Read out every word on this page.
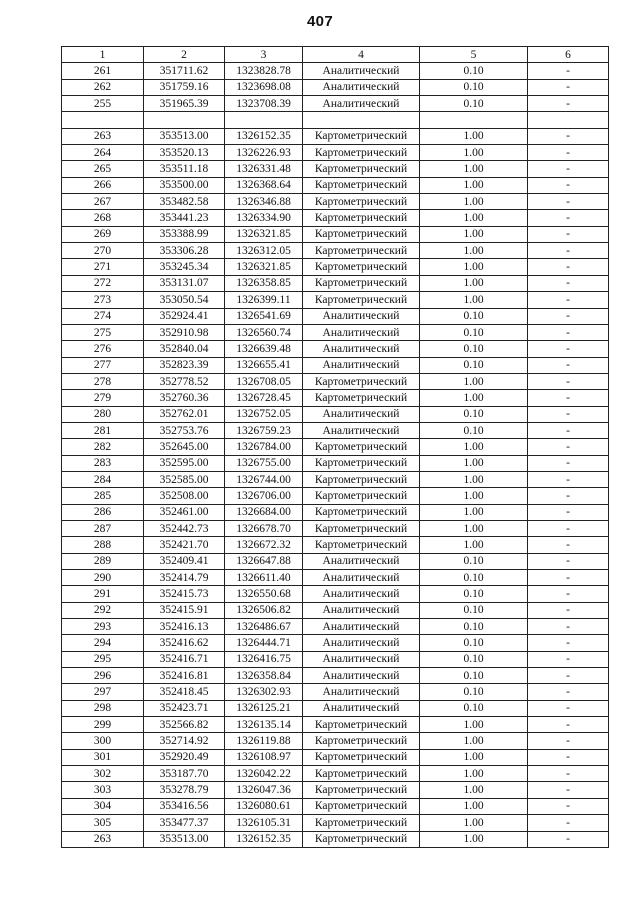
407
1	2	3	4	5	6
261	351711.62	1323828.78	Аналитический	0.10	-
262	351759.16	1323698.08	Аналитический	0.10	-
255	351965.39	1323708.39	Аналитический	0.10	-

263	353513.00	1326152.35	Картометрический	1.00	-
264	353520.13	1326226.93	Картометрический	1.00	-
265	353511.18	1326331.48	Картометрический	1.00	-
266	353500.00	1326368.64	Картометрический	1.00	-
267	353482.58	1326346.88	Картометрический	1.00	-
268	353441.23	1326334.90	Картометрический	1.00	-
269	353388.99	1326321.85	Картометрический	1.00	-
270	353306.28	1326312.05	Картометрический	1.00	-
271	353245.34	1326321.85	Картометрический	1.00	-
272	353131.07	1326358.85	Картометрический	1.00	-
273	353050.54	1326399.11	Картометрический	1.00	-
274	352924.41	1326541.69	Аналитический	0.10	-
275	352910.98	1326560.74	Аналитический	0.10	-
276	352840.04	1326639.48	Аналитический	0.10	-
277	352823.39	1326655.41	Аналитический	0.10	-
278	352778.52	1326708.05	Картометрический	1.00	-
279	352760.36	1326728.45	Картометрический	1.00	-
280	352762.01	1326752.05	Аналитический	0.10	-
281	352753.76	1326759.23	Аналитический	0.10	-
282	352645.00	1326784.00	Картометрический	1.00	-
283	352595.00	1326755.00	Картометрический	1.00	-
284	352585.00	1326744.00	Картометрический	1.00	-
285	352508.00	1326706.00	Картометрический	1.00	-
286	352461.00	1326684.00	Картометрический	1.00	-
287	352442.73	1326678.70	Картометрический	1.00	-
288	352421.70	1326672.32	Картометрический	1.00	-
289	352409.41	1326647.88	Аналитический	0.10	-
290	352414.79	1326611.40	Аналитический	0.10	-
291	352415.73	1326550.68	Аналитический	0.10	-
292	352415.91	1326506.82	Аналитический	0.10	-
293	352416.13	1326486.67	Аналитический	0.10	-
294	352416.62	1326444.71	Аналитический	0.10	-
295	352416.71	1326416.75	Аналитический	0.10	-
296	352416.81	1326358.84	Аналитический	0.10	-
297	352418.45	1326302.93	Аналитический	0.10	-
298	352423.71	1326125.21	Аналитический	0.10	-
299	352566.82	1326135.14	Картометрический	1.00	-
300	352714.92	1326119.88	Картометрический	1.00	-
301	352920.49	1326108.97	Картометрический	1.00	-
302	353187.70	1326042.22	Картометрический	1.00	-
303	353278.79	1326047.36	Картометрический	1.00	-
304	353416.56	1326080.61	Картометрический	1.00	-
305	353477.37	1326105.31	Картометрический	1.00	-
263	353513.00	1326152.35	Картометрический	1.00	-
